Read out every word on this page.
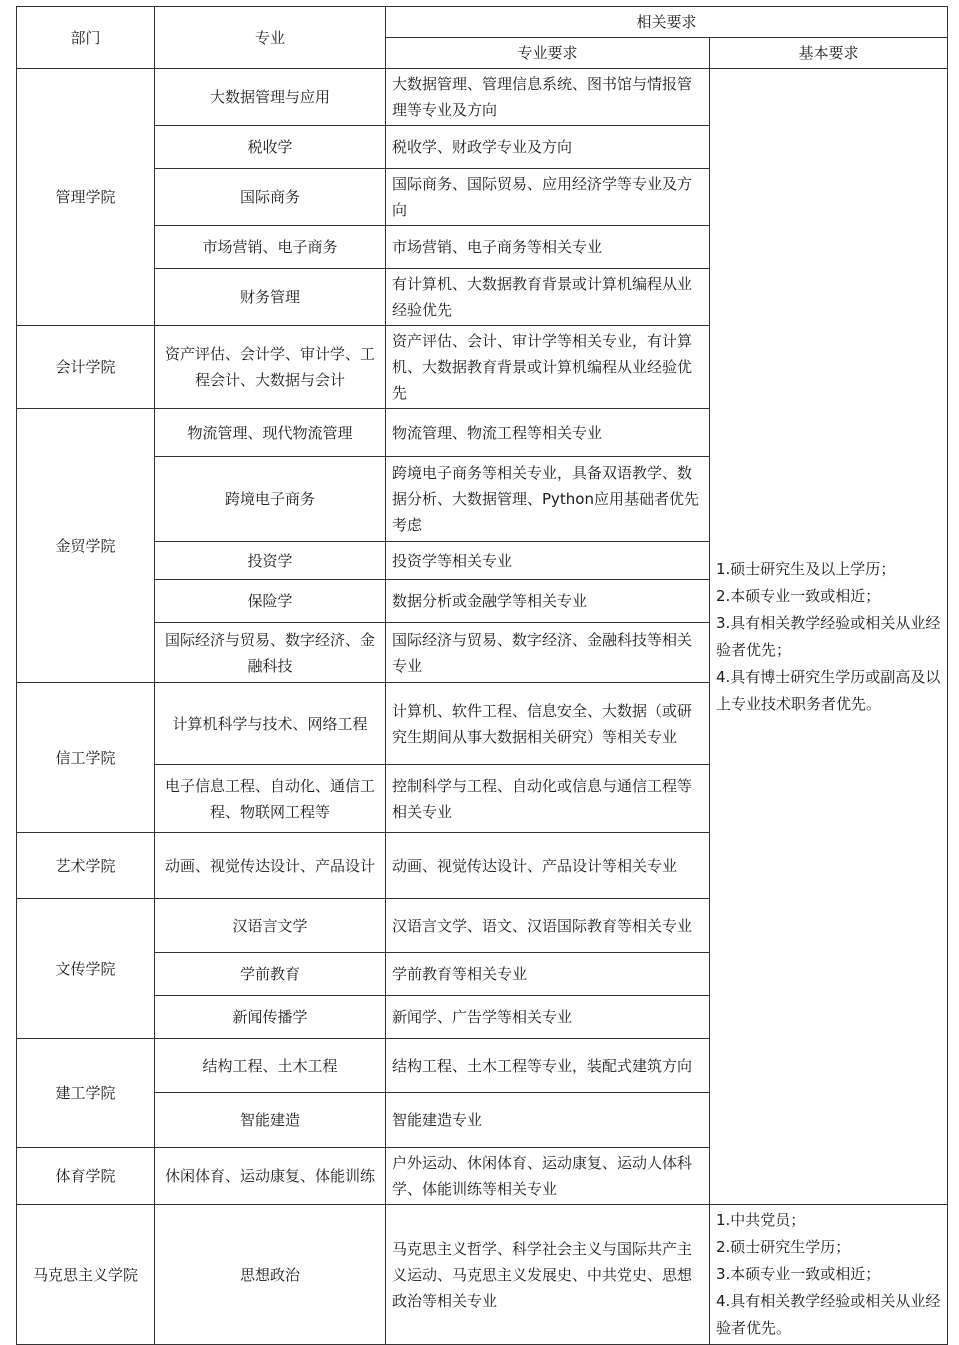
部门	专业	相关要求	
		专业要求	基本要求
管理学院	大数据管理与应用	大数据管理、管理信息系统、图书馆与情报管理等专业及方向	1.硕士研究生及以上学历；
2.本硕专业一致或相近；
3.具有相关教学经验或相关从业经验者优先；
4.具有博士研究生学历或副高及以上专业技术职务者优先。

	税收学	税收学、财政学专业及方向	
	国际商务	国际商务、国际贸易、应用经济学等专业及方向	
	市场营销、电子商务	市场营销、电子商务等相关专业	
	财务管理	有计算机、大数据教育背景或计算机编程从业经验优先	
会计学院	资产评估、会计学、审计学、工程会计、大数据与会计	资产评估、会计、审计学等相关专业，有计算机、大数据教育背景或计算机编程从业经验优先	
金贸学院	物流管理、现代物流管理	物流管理、物流工程等相关专业	
	跨境电子商务	跨境电子商务等相关专业，具备双语教学、数据分析、大数据管理、Python应用基础者优先考虑	
	投资学	投资学等相关专业	
	保险学	数据分析或金融学等相关专业	
	国际经济与贸易、数字经济、金融科技	国际经济与贸易、数字经济、金融科技等相关专业	
信工学院	计算机科学与技术、网络工程	计算机、软件工程、信息安全、大数据（或研究生期间从事大数据相关研究）等相关专业	
	电子信息工程、自动化、通信工程、物联网工程等	控制科学与工程、自动化或信息与通信工程等相关专业	
艺术学院	动画、视觉传达设计、产品设计	动画、视觉传达设计、产品设计等相关专业	
文传学院	汉语言文学	汉语言文学、语文、汉语国际教育等相关专业	
	学前教育	学前教育等相关专业	
	新闻传播学	新闻学、广告学等相关专业	
建工学院	结构工程、土木工程	结构工程、土木工程等专业，装配式建筑方向	
	智能建造	智能建造专业	
体育学院	休闲体育、运动康复、体能训练	户外运动、休闲体育、运动康复、运动人体科学、体能训练等相关专业	
马克思主义学院	思想政治	马克思主义哲学、科学社会主义与国际共产主义运动、马克思主义发展史、中共党史、思想政治等相关专业	1.中共党员；
2.硕士研究生学历；
3.本硕专业一致或相近；
4.具有相关教学经验或相关从业经验者优先。
